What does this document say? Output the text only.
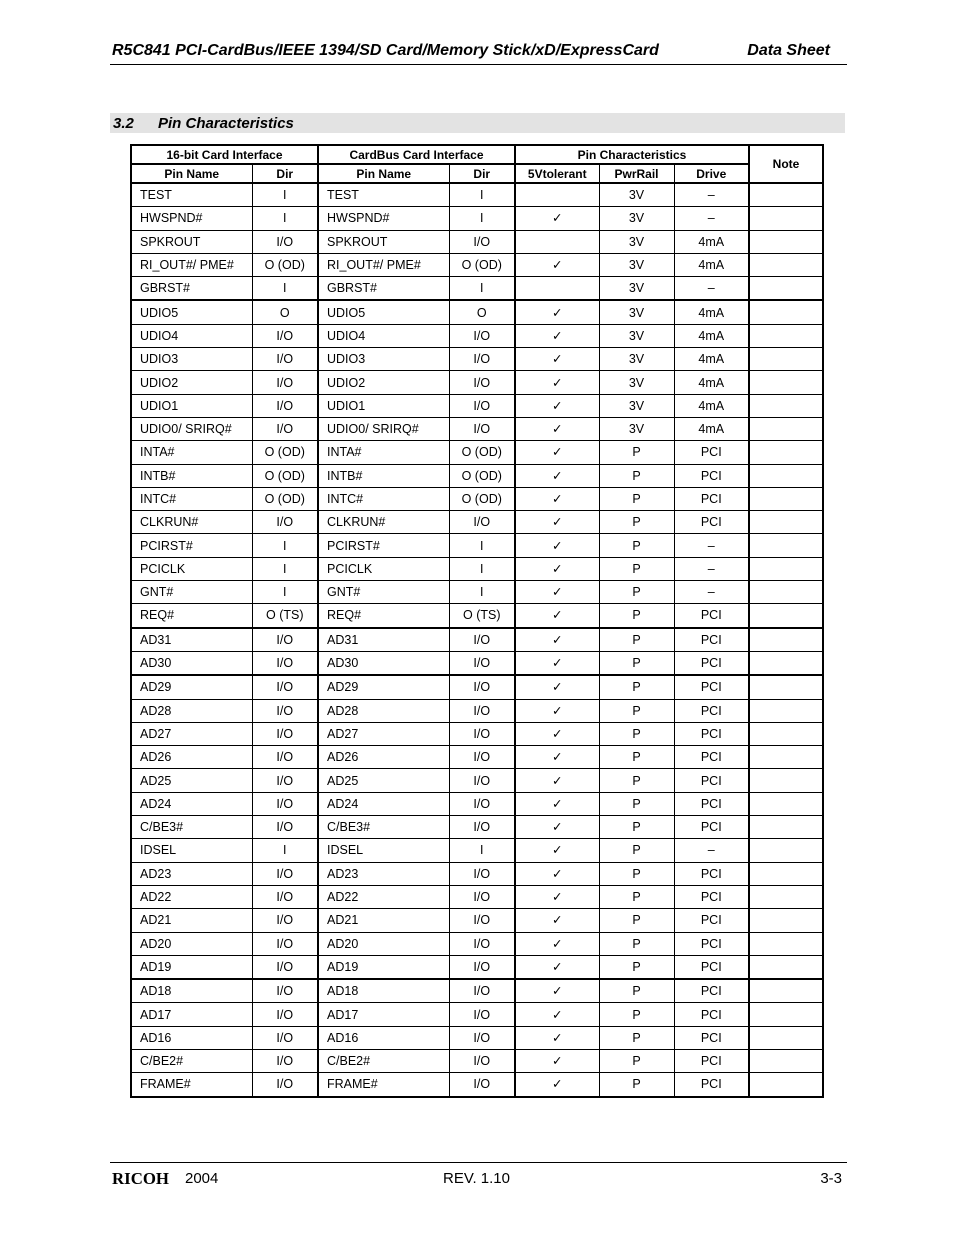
R5C841 PCI-CardBus/IEEE 1394/SD Card/Memory Stick/xD/ExpressCard	Data Sheet
3.2 Pin Characteristics
16-bit Card Interface		CardBus Card Interface		Pin Characteristics			Note
Pin Name	Dir	Pin Name	Dir	5Vtolerant	PwrRail	Drive	
TEST	I	TEST	I		3V	–	
HWSPND#	I	HWSPND#	I	✓	3V	–	
SPKROUT	I/O	SPKROUT	I/O		3V	4mA	
RI_OUT#/ PME#	O (OD)	RI_OUT#/ PME#	O (OD)	✓	3V	4mA	
GBRST#	I	GBRST#	I		3V	–	
UDIO5	O	UDIO5	O	✓	3V	4mA	
UDIO4	I/O	UDIO4	I/O	✓	3V	4mA	
UDIO3	I/O	UDIO3	I/O	✓	3V	4mA	
UDIO2	I/O	UDIO2	I/O	✓	3V	4mA	
UDIO1	I/O	UDIO1	I/O	✓	3V	4mA	
UDIO0/ SRIRQ#	I/O	UDIO0/ SRIRQ#	I/O	✓	3V	4mA	
INTA#	O (OD)	INTA#	O (OD)	✓	P	PCI	
INTB#	O (OD)	INTB#	O (OD)	✓	P	PCI	
INTC#	O (OD)	INTC#	O (OD)	✓	P	PCI	
CLKRUN#	I/O	CLKRUN#	I/O	✓	P	PCI	
PCIRST#	I	PCIRST#	I	✓	P	–	
PCICLK	I	PCICLK	I	✓	P	–	
GNT#	I	GNT#	I	✓	P	–	
REQ#	O (TS)	REQ#	O (TS)	✓	P	PCI	
AD31	I/O	AD31	I/O	✓	P	PCI	
AD30	I/O	AD30	I/O	✓	P	PCI	
AD29	I/O	AD29	I/O	✓	P	PCI	
AD28	I/O	AD28	I/O	✓	P	PCI	
AD27	I/O	AD27	I/O	✓	P	PCI	
AD26	I/O	AD26	I/O	✓	P	PCI	
AD25	I/O	AD25	I/O	✓	P	PCI	
AD24	I/O	AD24	I/O	✓	P	PCI	
C/BE3#	I/O	C/BE3#	I/O	✓	P	PCI	
IDSEL	I	IDSEL	I	✓	P	–	
AD23	I/O	AD23	I/O	✓	P	PCI	
AD22	I/O	AD22	I/O	✓	P	PCI	
AD21	I/O	AD21	I/O	✓	P	PCI	
AD20	I/O	AD20	I/O	✓	P	PCI	
AD19	I/O	AD19	I/O	✓	P	PCI	
AD18	I/O	AD18	I/O	✓	P	PCI	
AD17	I/O	AD17	I/O	✓	P	PCI	
AD16	I/O	AD16	I/O	✓	P	PCI	
C/BE2#	I/O	C/BE2#	I/O	✓	P	PCI	
FRAME#	I/O	FRAME#	I/O	✓	P	PCI	
RICOH 2004	REV. 1.10	3-3
